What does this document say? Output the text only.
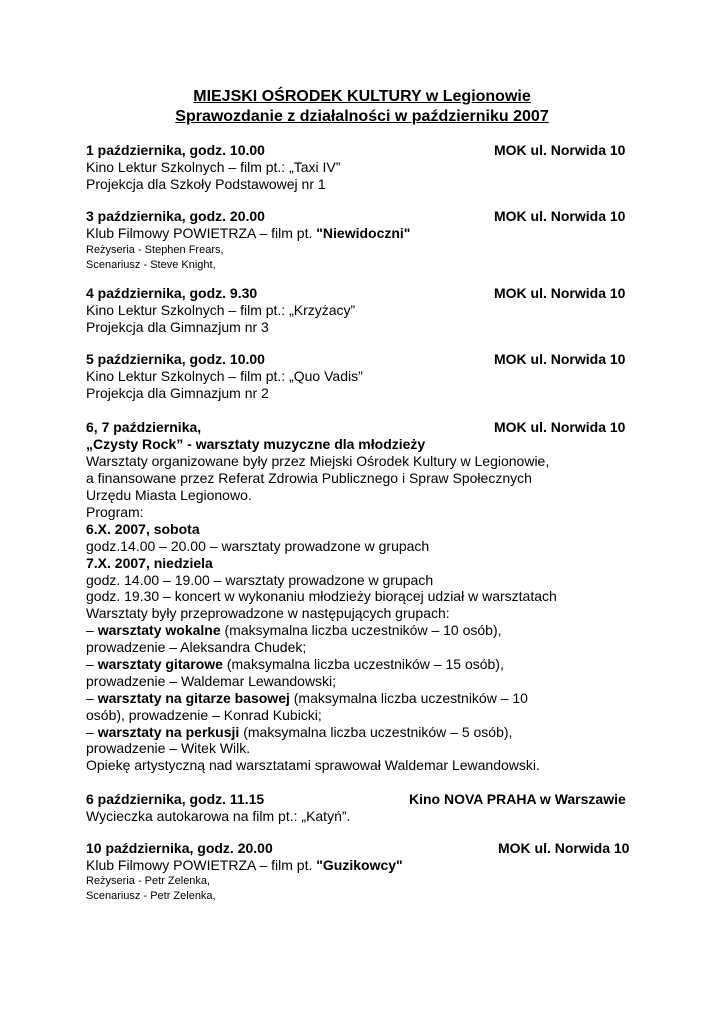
MIEJSKI OŚRODEK KULTURY w Legionowie
Sprawozdanie z działalności w październiku 2007
1 października, godz. 10.00	MOK ul. Norwida 10
Kino Lektur Szkolnych – film pt.: „Taxi IV”
Projekcja dla Szkoły Podstawowej nr 1
3 października, godz. 20.00	MOK ul. Norwida 10
Klub Filmowy POWIETRZA – film pt. "Niewidoczni"
Reżyseria - Stephen Frears,
Scenariusz - Steve Knight,
4 października, godz. 9.30	MOK ul. Norwida 10
Kino Lektur Szkolnych – film pt.: „Krzyżacy”
Projekcja dla Gimnazjum nr 3
5 października, godz. 10.00	MOK ul. Norwida 10
Kino Lektur Szkolnych – film pt.: „Quo Vadis”
Projekcja dla Gimnazjum nr 2
6, 7 października,	MOK ul. Norwida 10
„Czysty Rock” - warsztaty muzyczne dla młodzieży
Warsztaty organizowane były przez Miejski Ośrodek Kultury w Legionowie,
a finansowane przez Referat Zdrowia Publicznego i Spraw Społecznych
Urzędu Miasta Legionowo.
Program:
6.X. 2007, sobota
godz.14.00 – 20.00 – warsztaty prowadzone w grupach
7.X. 2007, niedziela
godz. 14.00 – 19.00 – warsztaty prowadzone w grupach
godz. 19.30 – koncert w wykonaniu młodzieży biorącej udział w warsztatach
Warsztaty były przeprowadzone w następujących grupach:
– warsztaty wokalne (maksymalna liczba uczestników – 10 osób),
prowadzenie – Aleksandra Chudek;
– warsztaty gitarowe (maksymalna liczba uczestników – 15 osób),
prowadzenie – Waldemar Lewandowski;
– warsztaty na gitarze basowej (maksymalna liczba uczestników – 10
osób), prowadzenie – Konrad Kubicki;
– warsztaty na perkusji (maksymalna liczba uczestników – 5 osób),
prowadzenie – Witek Wilk.
Opiekę artystyczną nad warsztatami sprawował Waldemar Lewandowski.
6 października, godz. 11.15	Kino NOVA PRAHA w Warszawie
Wycieczka autokarowa na film pt.: „Katyń”.
10 października, godz. 20.00	MOK ul. Norwida 10
Klub Filmowy POWIETRZA – film pt. "Guzikowcy"
Reżyseria - Petr Zelenka,
Scenariusz - Petr Zelenka,
